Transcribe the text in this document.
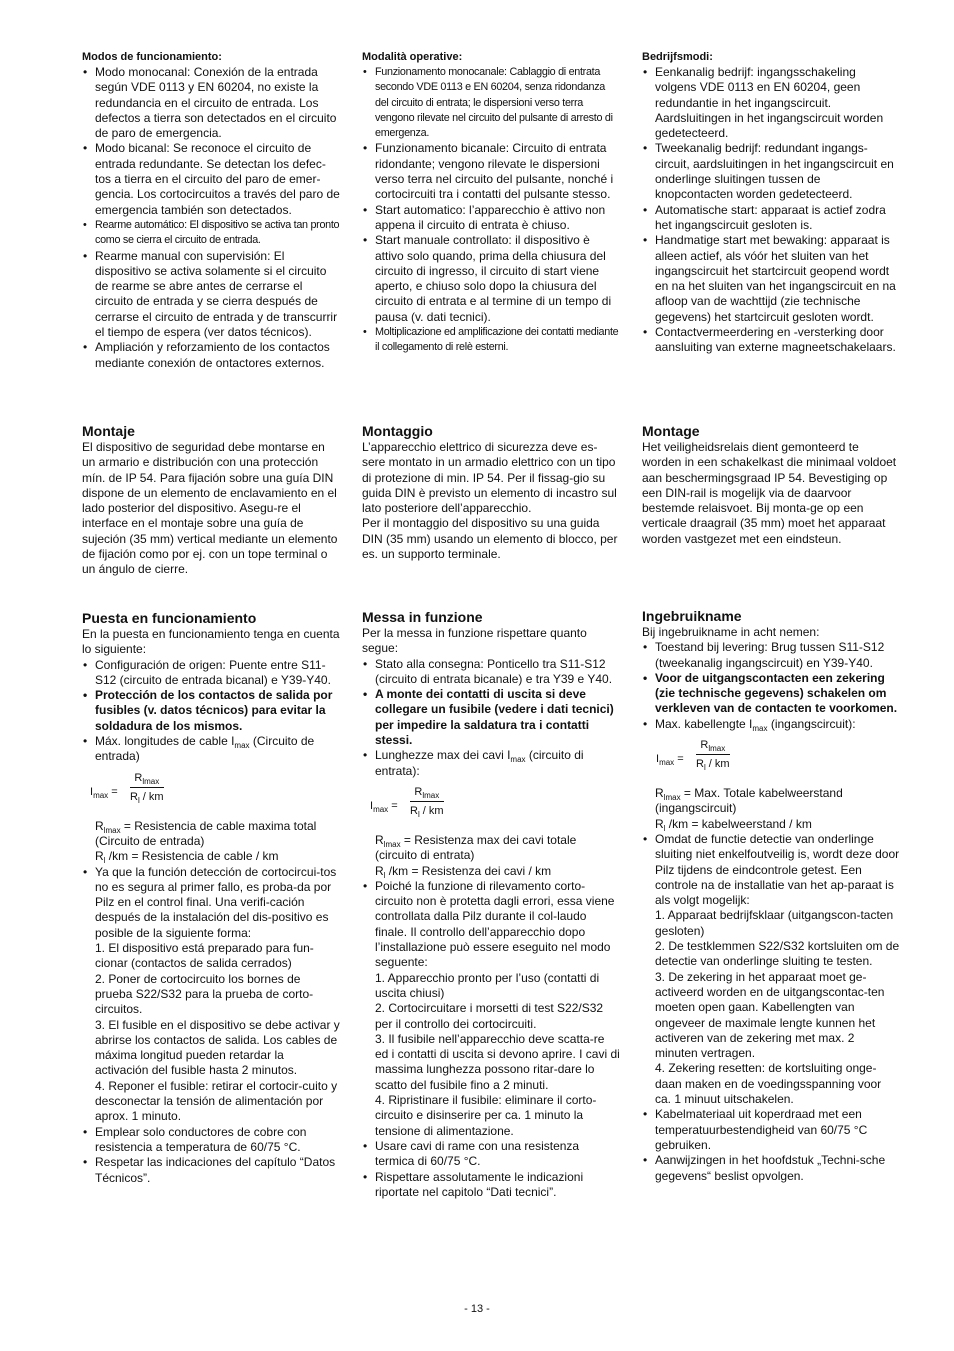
Modos de funcionamiento:

• Modo monocanal: Conexión de la entrada según VDE 0113 y EN 60204, no existe la redundancia en el circuito de entrada. Los defectos a tierra son detectados en el circuito de paro de emergencia.
• Modo bicanal: Se reconoce el circuito de entrada redundante. Se detectan los defec-tos a tierra en el circuito del paro de emer-gencia. Los cortocircuitos a través del paro de emergencia también son detectados.
• Rearme automático: El dispositivo se activa tan pronto como se cierra el circuito de entrada.
• Rearme manual con supervisión: El dispositivo se activa solamente si el circuito de rearme se abre antes de cerrarse el circuito de entrada y se cierra después de cerrarse el circuito de entrada y de transcurrir el tiempo de espera (ver datos técnicos).
• Ampliación y reforzamiento de los contactos mediante conexión de ontactores externos.
Montaje

El dispositivo de seguridad debe montarse en un armario e distribución con una protección mín. de IP 54. Para fijación sobre una guía DIN dispone de un elemento de enclavamiento en el lado posterior del dispositivo. Asegu-re el interface en el montaje sobre una guía de sujeción (35 mm) vertical mediante un elemento de fijación como por ej. con un tope terminal o un ángulo de cierre.

Puesta en funcionamiento

En la puesta en funcionamiento tenga en cuenta lo siguiente:

• Configuración de origen: Puente entre S11-S12 (circuito de entrada bicanal) e Y39-Y40.
• Protección de los contactos de salida por fusibles (v. datos técnicos) para evitar la soldadura de los mismos.
• Máx. longitudes de cable $I_{max}$ (Circuito de entrada)
$I_{max}$ =
$R_{lmax}$
$R_l$ / km

$R_{lmax}$ = Resistencia de cable maxima total (Circuito de entrada)

$R_l$ /km = Resistencia de cable / km

• Ya que la función detección de cortocircui-tos no es segura al primer fallo, es proba-da por Pilz en el control final. Una verifi-cación después de la instalación del dis-positivo es posible de la siguiente forma:
1. El dispositivo está preparado para fun-cionar (contactos de salida cerrados)
2. Poner de cortocircuito los bornes de prueba S22/S32 para la prueba de corto-circuitos.
3. El fusible en el dispositivo se debe activar y abrirse los contactos de salida. Los cables de máxima longitud pueden retardar la activación del fusible hasta 2 minutos.
4. Reponer el fusible: retirar el cortocir-cuito y desconectar la tensión de alimentación por aprox. 1 minuto.
• Emplear solo conductores de cobre con resistencia a temperatura de 60/75 °C.
• Respetar las indicaciones del capítulo “Datos Técnicos”.

Modalità operative:

• Funzionamento monocanale: Cablaggio di entrata secondo VDE 0113 e EN 60204, senza ridondanza del circuito di entrata; le dispersioni verso terra vengono rilevate nel circuito del pulsante di arresto di emergenza.
• Funzionamento bicanale: Circuito di entrata ridondante; vengono rilevate le dispersioni verso terra nel circuito del pulsante, nonché i cortocircuiti tra i contatti del pulsante stesso.
• Start automatico: l’apparecchio è attivo non appena il circuito di entrata è chiuso.
• Start manuale controllato: il dispositivo è attivo solo quando, prima della chiusura del circuito di ingresso, il circuito di start viene aperto, e chiuso solo dopo la chiusura del circuito di entrata e al termine di un tempo di pausa (v. dati tecnici).
• Moltiplicazione ed amplificazione dei contatti mediante il collegamento di relè esterni.
Montaggio

L’apparecchio elettrico di sicurezza deve es-sere montato in un armadio elettrico con un tipo di protezione di min. IP 54. Per il fissag-gio su guida DIN è previsto un elemento di incastro sul lato posteriore dell’apparecchio.

Per il montaggio del dispositivo su una guida DIN (35 mm) usando un elemento di blocco, per es. un supporto terminale.

Messa in funzione

Per la messa in funzione rispettare quanto segue:

• Stato alla consegna: Ponticello tra S11-S12 (circuito di entrata bicanale) e tra Y39 e Y40.
• A monte dei contatti di uscita si deve collegare un fusibile (vedere i dati tecnici) per impedire la saldatura tra i contatti stessi.
• Lunghezze max dei cavi $I_{max}$ (circuito di entrata):
$I_{max}$ =
$R_{lmax}$
$R_l$ / km

$R_{lmax}$ = Resistenza max dei cavi totale (circuito di entrata)

$R_l$ /km = Resistenza dei cavi / km

• Poiché la funzione di rilevamento corto-circuito non è protetta dagli errori, essa viene controllata dalla Pilz durante il col-laudo finale. Il controllo dell’apparecchio dopo l’installazione può essere eseguito nel modo seguente:
1. Apparecchio pronto per l’uso (contatti di uscita chiusi)
2. Cortocircuitare i morsetti di test S22/S32 per il controllo dei cortocircuiti.
3. Il fusibile nell’apparecchio deve scatta-re ed i contatti di uscita si devono aprire. I cavi di massima lunghezza possono ritar-dare lo scatto del fusibile fino a 2 minuti.
4. Ripristinare il fusibile: eliminare il corto-circuito e disinserire per ca. 1 minuto la tensione di alimentazione.
• Usare cavi di rame con una resistenza termica di 60/75 °C.
• Rispettare assolutamente le indicazioni riportate nel capitolo “Dati tecnici”.

Bedrijfsmodi:

• Eenkanalig bedrijf: ingangsschakeling volgens VDE 0113 en EN 60204, geen redundantie in het ingangscircuit. Aardsluitingen in het ingangscircuit worden gedetecteerd.
• Tweekanalig bedrijf: redundant ingangs-circuit, aardsluitingen in het ingangscircuit en onderlinge sluitingen tussen de knopcontacten worden gedetecteerd.
• Automatische start: apparaat is actief zodra het ingangscircuit gesloten is.
• Handmatige start met bewaking: apparaat is alleen actief, als vóór het sluiten van het ingangscircuit het startcircuit geopend wordt en na het sluiten van het ingangscircuit en na afloop van de wachttijd (zie technische gegevens) het startcircuit gesloten wordt.
• Contactvermeerdering en -versterking door aansluiting van externe magneetschakelaars.
Montage

Het veiligheidsrelais dient gemonteerd te worden in een schakelkast die minimaal voldoet aan beschermingsgraad IP 54. Bevestiging op een DIN-rail is mogelijk via de daarvoor bestemde relaisvoet. Bij monta-ge op een verticale draagrail (35 mm) moet het apparaat worden vastgezet met een eindsteun.

Ingebruikname

Bij ingebruikname in acht nemen:

• Toestand bij levering: Brug tussen S11-S12 (tweekanalig ingangscircuit) en Y39-Y40.
• Voor de uitgangscontacten een zekering (zie technische gegevens) schakelen om verkleven van de contacten te voorkomen.
• Max. kabellengte $I_{max}$ (ingangscircuit):
$I_{max}$ =
$R_{lmax}$
$R_l$ / km

$R_{lmax}$ = Max. Totale kabelweerstand (ingangscircuit)

$R_l$ /km = kabelweerstand / km

• Omdat de functie detectie van onderlinge sluiting niet enkelfoutveilig is, wordt deze door Pilz tijdens de eindcontrole getest. Een controle na de installatie van het ap-paraat is als volgt mogelijk:
1. Apparaat bedrijfsklaar (uitgangscon-tacten gesloten)
2. De testklemmen S22/S32 kortsluiten om de detectie van onderlinge sluiting te testen.
3. De zekering in het apparaat moet ge-activeerd worden en de uitgangscontac-ten moeten open gaan. Kabellengten van ongeveer de maximale lengte kunnen het activeren van de zekering met max. 2 minuten vertragen.
4. Zekering resetten: de kortsluiting onge-daan maken en de voedingsspanning voor ca. 1 minuut uitschakelen.
• Kabelmateriaal uit koperdraad met een temperatuurbestendigheid van 60/75 °C gebruiken.
• Aanwijzingen in het hoofdstuk „Techni-sche gegevens“ beslist opvolgen.
- 13 -
